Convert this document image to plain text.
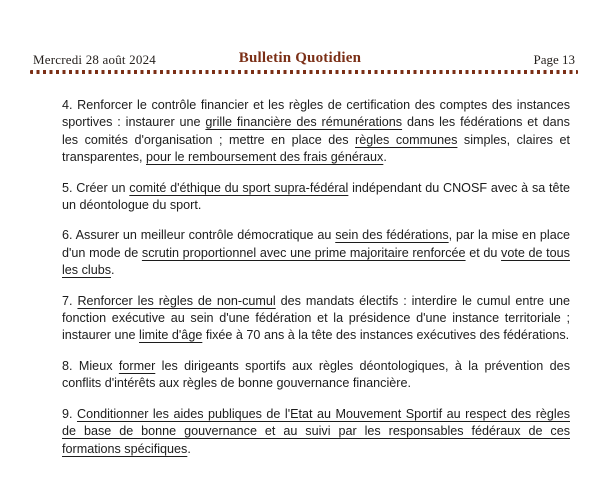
Mercredi 28 août 2024	Bulletin Quotidien	Page 13

4. Renforcer le contrôle financier et les règles de certification des comptes des instances sportives : instaurer une grille financière des rémunérations dans les fédérations et dans les comités d'organisation ; mettre en place des règles communes simples, claires et transparentes, pour le remboursement des frais généraux.

5. Créer un comité d'éthique du sport supra-fédéral indépendant du CNOSF avec à sa tête un déontologue du sport.

6. Assurer un meilleur contrôle démocratique au sein des fédérations, par la mise en place d'un mode de scrutin proportionnel avec une prime majoritaire renforcée et du vote de tous les clubs.

7. Renforcer les règles de non-cumul des mandats électifs : interdire le cumul entre une fonction exécutive au sein d'une fédération et la présidence d'une instance territoriale ; instaurer une limite d'âge fixée à 70 ans à la tête des instances exécutives des fédérations.

8. Mieux former les dirigeants sportifs aux règles déontologiques, à la prévention des conflits d'intérêts aux règles de bonne gouvernance financière.

9. Conditionner les aides publiques de l'Etat au Mouvement Sportif au respect des règles de base de bonne gouvernance et au suivi par les responsables fédéraux de ces formations spécifiques.
